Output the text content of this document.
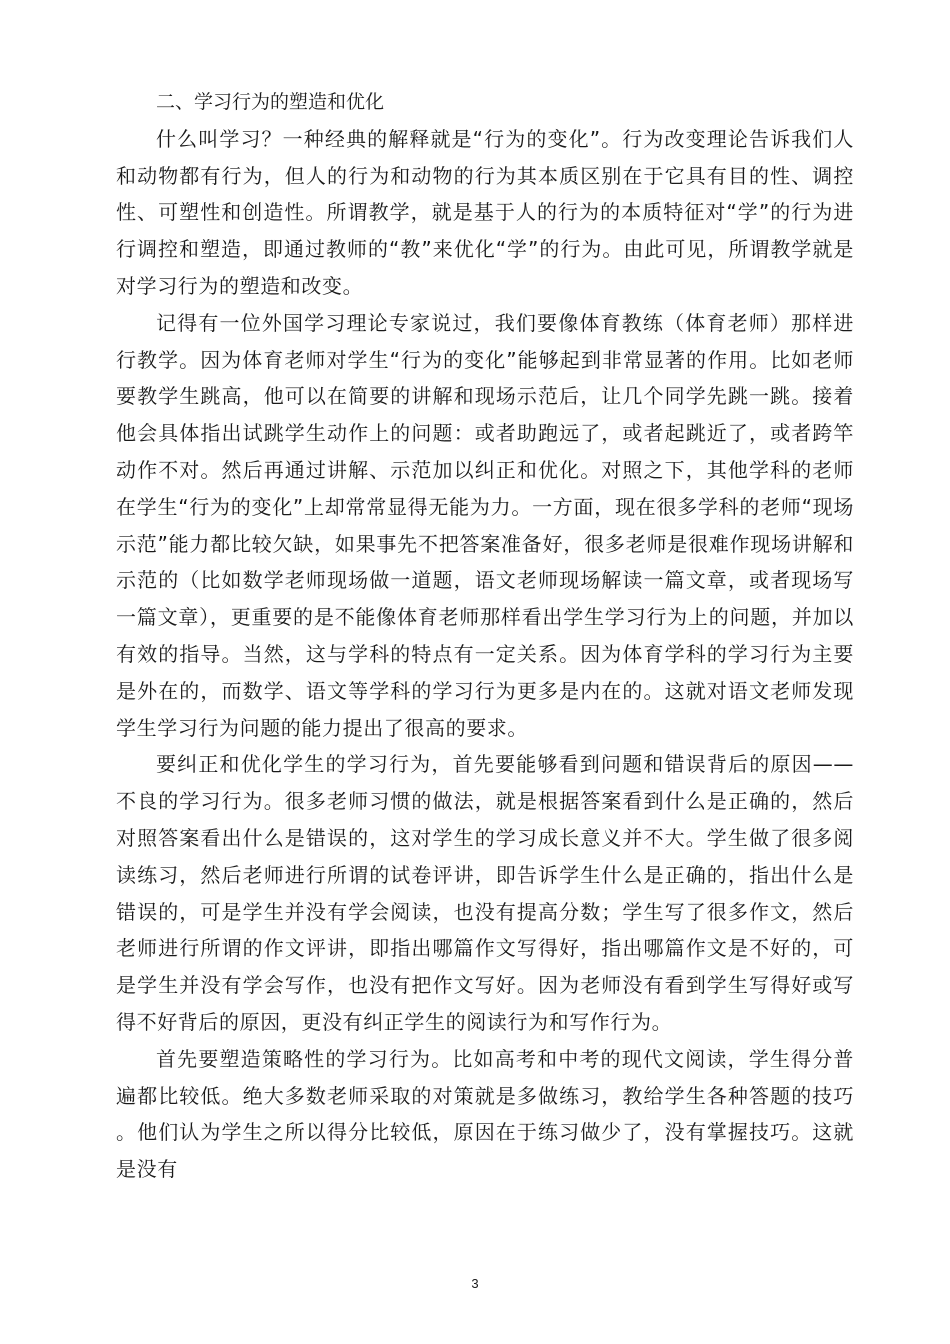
二、学习行为的塑造和优化

什么叫学习？一种经典的解释就是“行为的变化”。行为改变理论告诉我们人和动物都有行为，但人的行为和动物的行为其本质区别在于它具有目的性、调控性、可塑性和创造性。所谓教学，就是基于人的行为的本质特征对“学”的行为进行调控和塑造，即通过教师的“教”来优化“学”的行为。由此可见，所谓教学就是对学习行为的塑造和改变。

记得有一位外国学习理论专家说过，我们要像体育教练（体育老师）那样进行教学。因为体育老师对学生“行为的变化”能够起到非常显著的作用。比如老师要教学生跳高，他可以在简要的讲解和现场示范后，让几个同学先跳一跳。接着他会具体指出试跳学生动作上的问题：或者助跑远了，或者起跳近了，或者跨竿动作不对。然后再通过讲解、示范加以纠正和优化。对照之下，其他学科的老师在学生“行为的变化”上却常常显得无能为力。一方面，现在很多学科的老师“现场示范”能力都比较欠缺，如果事先不把答案准备好，很多老师是很难作现场讲解和示范的（比如数学老师现场做一道题，语文老师现场解读一篇文章，或者现场写一篇文章），更重要的是不能像体育老师那样看出学生学习行为上的问题，并加以有效的指导。当然，这与学科的特点有一定关系。因为体育学科的学习行为主要是外在的，而数学、语文等学科的学习行为更多是内在的。这就对语文老师发现学生学习行为问题的能力提出了很高的要求。

要纠正和优化学生的学习行为，首先要能够看到问题和错误背后的原因——不良的学习行为。很多老师习惯的做法，就是根据答案看到什么是正确的，然后对照答案看出什么是错误的，这对学生的学习成长意义并不大。学生做了很多阅读练习，然后老师进行所谓的试卷评讲，即告诉学生什么是正确的，指出什么是错误的，可是学生并没有学会阅读，也没有提高分数；学生写了很多作文，然后老师进行所谓的作文评讲，即指出哪篇作文写得好，指出哪篇作文是不好的，可是学生并没有学会写作，也没有把作文写好。因为老师没有看到学生写得好或写得不好背后的原因，更没有纠正学生的阅读行为和写作行为。

首先要塑造策略性的学习行为。比如高考和中考的现代文阅读，学生得分普遍都比较低。绝大多数老师采取的对策就是多做练习，教给学生各种答题的技巧。他们认为学生之所以得分比较低，原因在于练习做少了，没有掌握技巧。这就是没有

3
